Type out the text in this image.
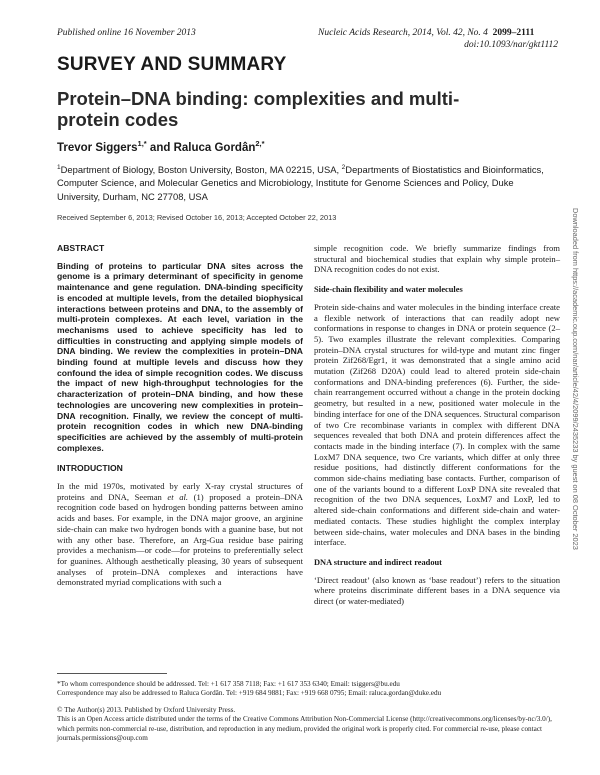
Published online 16 November 2013	Nucleic Acids Research, 2014, Vol. 42, No. 4 2099–2111
doi:10.1093/nar/gkt1112
SURVEY AND SUMMARY
Protein–DNA binding: complexities and multi-protein codes
Trevor Siggers$^{1,*}$ and Raluca Gordân$^{2,*}$
$^1$Department of Biology, Boston University, Boston, MA 02215, USA, $^2$Departments of Biostatistics and Bioinformatics, Computer Science, and Molecular Genetics and Microbiology, Institute for Genome Sciences and Policy, Duke University, Durham, NC 27708, USA
Received September 6, 2013; Revised October 16, 2013; Accepted October 22, 2013
ABSTRACT

Binding of proteins to particular DNA sites across the genome is a primary determinant of specificity in genome maintenance and gene regulation. DNA-binding specificity is encoded at multiple levels, from the detailed biophysical interactions between proteins and DNA, to the assembly of multi-protein complexes. At each level, variation in the mechanisms used to achieve specificity has led to difficulties in constructing and applying simple models of DNA binding. We review the complexities in protein–DNA binding found at multiple levels and discuss how they confound the idea of simple recognition codes. We discuss the impact of new high-throughput technologies for the characterization of protein–DNA binding, and how these technologies are uncovering new complexities in protein–DNA recognition. Finally, we review the concept of multi-protein recognition codes in which new DNA-binding specificities are achieved by the assembly of multi-protein complexes.

INTRODUCTION

In the mid 1970s, motivated by early X-ray crystal structures of proteins and DNA, Seeman et al. (1) proposed a protein–DNA recognition code based on hydrogen bonding patterns between amino acids and bases. For example, in the DNA major groove, an arginine side-chain can make two hydrogen bonds with a guanine base, but not with any other base. Therefore, an Arg-Gua residue base pairing provides a mechanism—or code—for proteins to preferentially select for guanines. Although aesthetically pleasing, 30 years of subsequent analyses of protein–DNA complexes and interactions have demonstrated myriad complications with such a

simple recognition code. We briefly summarize findings from structural and biochemical studies that explain why simple protein–DNA recognition codes do not exist.

Side-chain flexibility and water molecules

Protein side-chains and water molecules in the binding interface create a flexible network of interactions that can readily adopt new conformations in response to changes in DNA or protein sequence (2–5). Two examples illustrate the relevant complexities. Comparing protein–DNA crystal structures for wild-type and mutant zinc finger protein Zif268/Egr1, it was demonstrated that a single amino acid mutation (Zif268 D20A) could lead to altered protein side-chain conformations and DNA-binding preferences (6). Further, the side-chain rearrangement occurred without a change in the protein docking geometry, but resulted in a new, positioned water molecule in the binding interface for one of the DNA sequences. Structural comparison of two Cre recombinase variants in complex with different DNA sequences revealed that both DNA and protein differences affect the contacts made in the binding interface (7). In complex with the same LoxM7 DNA sequence, two Cre variants, which differ at only three residue positions, had distinctly different conformations for the common side-chains mediating base contacts. Further, comparison of one of the variants bound to a different LoxP DNA site revealed that recognition of the two DNA sequences, LoxM7 and LoxP, led to altered side-chain conformations and different side-chain and water-mediated contacts. These studies highlight the complex interplay between side-chains, water molecules and DNA bases in the binding interface.

DNA structure and indirect readout

‘Direct readout’ (also known as ‘base readout’) refers to the situation where proteins discriminate different bases in a DNA sequence via direct (or water-mediated)

Downloaded from https://academic.oup.com/nar/article/42/4/2099/2435233 by guest on 08 October 2023

*To whom correspondence should be addressed. Tel: +1 617 358 7118; Fax: +1 617 353 6340; Email: tsiggers@bu.edu

Correspondence may also be addressed to Raluca Gordân. Tel: +919 684 9881; Fax: +919 668 0795; Email: raluca.gordan@duke.edu

© The Author(s) 2013. Published by Oxford University Press.

This is an Open Access article distributed under the terms of the Creative Commons Attribution Non-Commercial License (http://creativecommons.org/licenses/by-nc/3.0/), which permits non-commercial re-use, distribution, and reproduction in any medium, provided the original work is properly cited. For commercial re-use, please contact journals.permissions@oup.com
